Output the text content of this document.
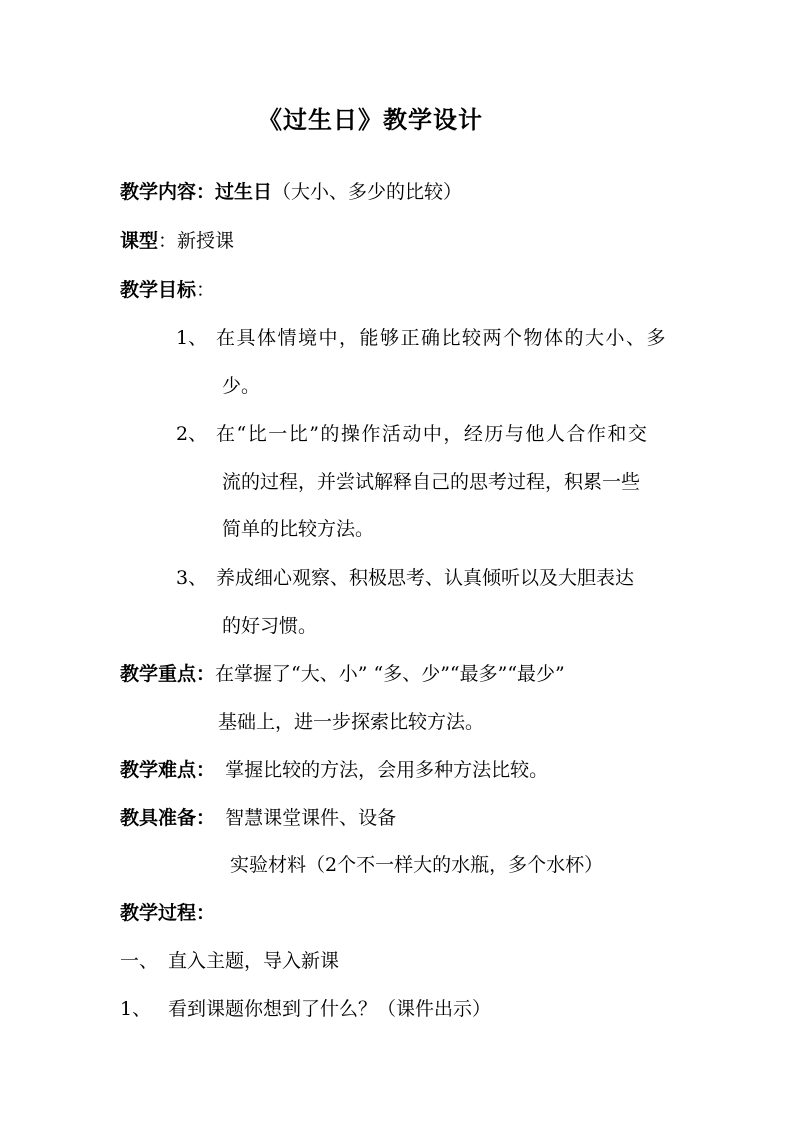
《过生日》教学设计
教学内容：过生日（大小、多少的比较）
课型：新授课
教学目标：
1、 在具体情境中，能够正确比较两个物体的大小、多
少。
2、 在“比一比”的操作活动中，经历与他人合作和交
流的过程，并尝试解释自己的思考过程，积累一些
简单的比较方法。
3、 养成细心观察、积极思考、认真倾听以及大胆表达
的好习惯。
教学重点：在掌握了“大、小” “多、少”“最多”“最少”
基础上，进一步探索比较方法。
教学难点： 掌握比较的方法，会用多种方法比较。
教具准备： 智慧课堂课件、设备
实验材料（2个不一样大的水瓶，多个水杯）
教学过程：
一、 直入主题，导入新课
1、 看到课题你想到了什么？（课件出示）
